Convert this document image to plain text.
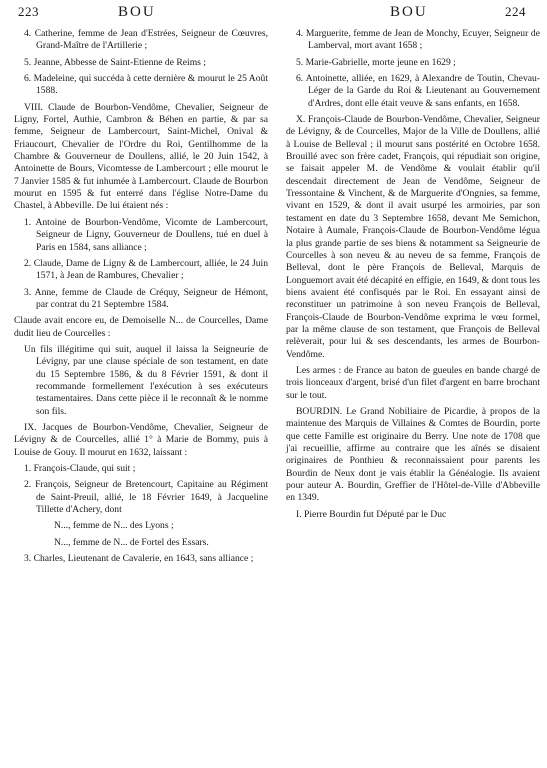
223	BOU	BOU	224

4. Catherine, femme de Jean d'Estrées, Seigneur de Cœuvres, Grand-Maître de l'Artillerie ;

5. Jeanne, Abbesse de Saint-Etienne de Reims ;

6. Madeleine, qui succéda à cette dernière & mourut le 25 Août 1588.

VIII. Claude de Bourbon-Vendôme, Chevalier, Seigneur de Ligny, Fortel, Authie, Cambron & Béhen en partie, & par sa femme, Seigneur de Lambercourt, Saint-Michel, Onival & Friaucourt, Chevalier de l'Ordre du Roi, Gentilhomme de la Chambre & Gouverneur de Doullens, allié, le 20 Juin 1542, à Antoinette de Bours, Vicomtesse de Lambercourt ; elle mourut le 7 Janvier 1585 & fut inhumée à Lambercourt. Claude de Bourbon mourut en 1595 & fut enterré dans l'église Notre-Dame du Chastel, à Abbeville. De lui étaient nés :

1. Antoine de Bourbon-Vendôme, Vicomte de Lambercourt, Seigneur de Ligny, Gouverneur de Doullens, tué en duel à Paris en 1584, sans alliance ;

2. Claude, Dame de Ligny & de Lambercourt, alliée, le 24 Juin 1571, à Jean de Rambures, Chevalier ;

3. Anne, femme de Claude de Créquy, Seigneur de Hémont, par contrat du 21 Septembre 1584.

Claude avait encore eu, de Demoiselle N... de Courcelles, Dame dudit lieu de Courcelles :

Un fils illégitime qui suit, auquel il laissa la Seigneurie de Lévigny, par une clause spéciale de son testament, en date du 15 Septembre 1586, & du 8 Février 1591, & dont il recommande formellement l'exécution à ses exécuteurs testamentaires. Dans cette pièce il le reconnaît & le nomme son fils.

IX. Jacques de Bourbon-Vendôme, Chevalier, Seigneur de Lévigny & de Courcelles, allié 1° à Marie de Bommy, puis à Louise de Gouy. Il mourut en 1632, laissant :

1. François-Claude, qui suit ;

2. François, Seigneur de Bretencourt, Capitaine au Régiment de Saint-Preuil, allié, le 18 Février 1649, à Jacqueline Tillette d'Achery, dont

N..., femme de N... des Lyons ;

N..., femme de N... de Fortel des Essars.

3. Charles, Lieutenant de Cavalerie, en 1643, sans alliance ;

4. Marguerite, femme de Jean de Monchy, Ecuyer, Seigneur de Lamberval, mort avant 1658 ;

5. Marie-Gabrielle, morte jeune en 1629 ;

6. Antoinette, alliée, en 1629, à Alexandre de Toutin, Chevau-Léger de la Garde du Roi & Lieutenant au Gouvernement d'Ardres, dont elle était veuve & sans enfants, en 1658.

X. François-Claude de Bourbon-Vendôme, Chevalier, Seigneur de Lévigny, & de Courcelles, Major de la Ville de Doullens, allié à Louise de Belleval ; il mourut sans postérité en Octobre 1658. Brouillé avec son frère cadet, François, qui répudiait son origine, se faisait appeler M. de Vendôme & voulait établir qu'il descendait directement de Jean de Vendôme, Seigneur de Tressontaine & Vinchent, & de Marguerite d'Ongnies, sa femme, vivant en 1529, & dont il avait usurpé les armoiries, par son testament en date du 3 Septembre 1658, devant Me Semichon, Notaire à Aumale, François-Claude de Bourbon-Vendôme légua la plus grande partie de ses biens & notamment sa Seigneurie de Courcelles à son neveu & au neveu de sa femme, François de Belleval, dont le père François de Belleval, Marquis de Longuemort avait été décapité en effigie, en 1649, & dont tous les biens avaient été confisqués par le Roi. En essayant ainsi de reconstituer un patrimoine à son neveu François de Belleval, François-Claude de Bourbon-Vendôme exprima le vœu formel, par la même clause de son testament, que François de Belleval relèverait, pour lui & ses descendants, les armes de Bourbon-Vendôme.

Les armes : de France au baton de gueules en bande chargé de trois lionceaux d'argent, brisé d'un filet d'argent en barre brochant sur le tout.

BOURDIN. Le Grand Nobiliaire de Picardie, à propos de la maintenue des Marquis de Villaines & Comtes de Bourdin, porte que cette Famille est originaire du Berry. Une note de 1708 que j'ai recueillie, affirme au contraire que les aînés se disaient originaires de Ponthieu & reconnaissaient pour parents les Bourdin de Neux dont je vais établir la Généalogie. Ils avaient pour auteur A. Bourdin, Greffier de l'Hôtel-de-Ville d'Abbeville en 1349.

I. Pierre Bourdin fut Député par le Duc
